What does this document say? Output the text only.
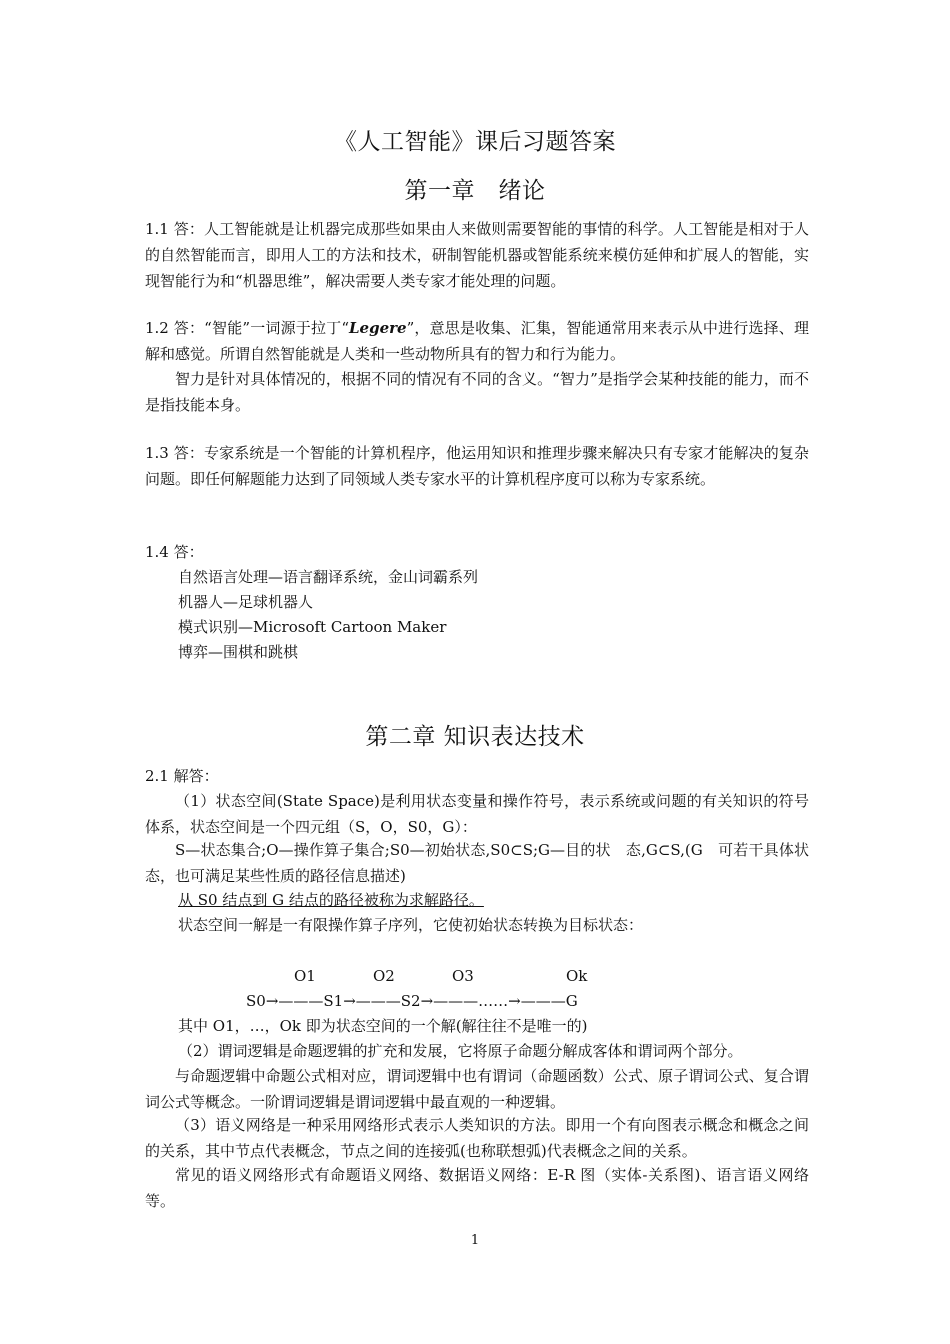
《人工智能》课后习题答案
第一章　绪论
1.1 答：人工智能就是让机器完成那些如果由人来做则需要智能的事情的科学。人工智能是相对于人的自然智能而言，即用人工的方法和技术，研制智能机器或智能系统来模仿延伸和扩展人的智能，实现智能行为和“机器思维”，解决需要人类专家才能处理的问题。
1.2 答：“智能”一词源于拉丁“Legere”，意思是收集、汇集，智能通常用来表示从中进行选择、理解和感觉。所谓自然智能就是人类和一些动物所具有的智力和行为能力。
智力是针对具体情况的，根据不同的情况有不同的含义。“智力”是指学会某种技能的能力，而不是指技能本身。
1.3 答：专家系统是一个智能的计算机程序，他运用知识和推理步骤来解决只有专家才能解决的复杂问题。即任何解题能力达到了同领域人类专家水平的计算机程序度可以称为专家系统。
1.4 答：
自然语言处理—语言翻译系统，金山词霸系列
机器人—足球机器人
模式识别—Microsoft Cartoon Maker
博弈—围棋和跳棋
第二章 知识表达技术
2.1 解答：
（1）状态空间(State Space)是利用状态变量和操作符号，表示系统或问题的有关知识的符号体系，状态空间是一个四元组（S，O，S0，G）：
S—状态集合;O—操作算子集合;S0—初始状态,S0⊂S;G—目的状　态,G⊂S,(G　可若干具体状态，也可满足某些性质的路径信息描述)
从 S0 结点到 G 结点的路径被称为求解路径。
状态空间一解是一有限操作算子序列，它使初始状态转换为目标状态：
O1	O2	O3	Ok
S0→———S1→———S2→———……→———G
其中 O1，…，Ok 即为状态空间的一个解(解往往不是唯一的)
（2）谓词逻辑是命题逻辑的扩充和发展，它将原子命题分解成客体和谓词两个部分。
与命题逻辑中命题公式相对应，谓词逻辑中也有谓词（命题函数）公式、原子谓词公式、复合谓词公式等概念。一阶谓词逻辑是谓词逻辑中最直观的一种逻辑。
（3）语义网络是一种采用网络形式表示人类知识的方法。即用一个有向图表示概念和概念之间的关系，其中节点代表概念，节点之间的连接弧(也称联想弧)代表概念之间的关系。
常见的语义网络形式有命题语义网络、数据语义网络：E-R 图（实体-关系图)、语言语义网络等。
1
